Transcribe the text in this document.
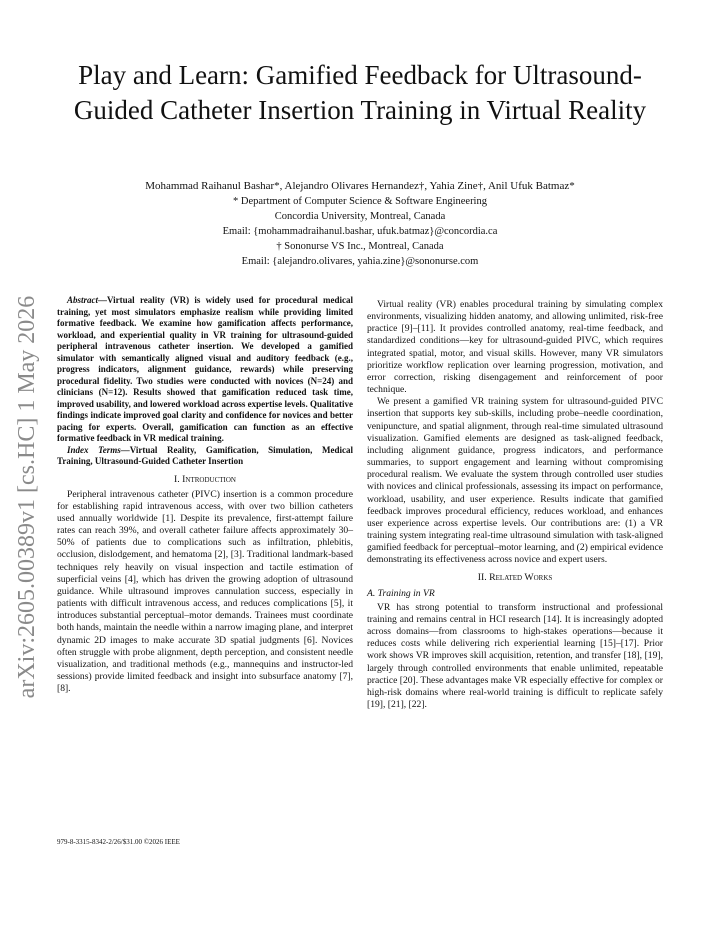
arXiv:2605.00389v1 [cs.HC] 1 May 2026
Play and Learn: Gamified Feedback for Ultrasound-Guided Catheter Insertion Training in Virtual Reality
Mohammad Raihanul Bashar*, Alejandro Olivares Hernandez†, Yahia Zine†, Anil Ufuk Batmaz*
* Department of Computer Science & Software Engineering
Concordia University, Montreal, Canada
Email: {mohammadraihanul.bashar, ufuk.batmaz}@concordia.ca
† Sononurse VS Inc., Montreal, Canada
Email: {alejandro.olivares, yahia.zine}@sononurse.com

Abstract—Virtual reality (VR) is widely used for procedural medical training, yet most simulators emphasize realism while providing limited formative feedback. We examine how gamification affects performance, workload, and experiential quality in VR training for ultrasound-guided peripheral intravenous catheter insertion. We developed a gamified simulator with semantically aligned visual and auditory feedback (e.g., progress indicators, alignment guidance, rewards) while preserving procedural fidelity. Two studies were conducted with novices (N=24) and clinicians (N=12). Results showed that gamification reduced task time, improved usability, and lowered workload across expertise levels. Qualitative findings indicate improved goal clarity and confidence for novices and better pacing for experts. Overall, gamification can function as an effective formative feedback in VR medical training.

Index Terms—Virtual Reality, Gamification, Simulation, Medical Training, Ultrasound-Guided Catheter Insertion

I. Introduction

Peripheral intravenous catheter (PIVC) insertion is a common procedure for establishing rapid intravenous access, with over two billion catheters used annually worldwide [1]. Despite its prevalence, first-attempt failure rates can reach 39%, and overall catheter failure affects approximately 30–50% of patients due to complications such as infiltration, phlebitis, occlusion, dislodgement, and hematoma [2], [3]. Traditional landmark-based techniques rely heavily on visual inspection and tactile estimation of superficial veins [4], which has driven the growing adoption of ultrasound guidance. While ultrasound improves cannulation success, especially in patients with difficult intravenous access, and reduces complications [5], it introduces substantial perceptual–motor demands. Trainees must coordinate both hands, maintain the needle within a narrow imaging plane, and interpret dynamic 2D images to make accurate 3D spatial judgments [6]. Novices often struggle with probe alignment, depth perception, and consistent needle visualization, and traditional methods (e.g., mannequins and instructor-led sessions) provide limited feedback and insight into subsurface anatomy [7], [8].

Virtual reality (VR) enables procedural training by simulating complex environments, visualizing hidden anatomy, and allowing unlimited, risk-free practice [9]–[11]. It provides controlled anatomy, real-time feedback, and standardized conditions—key for ultrasound-guided PIVC, which requires integrated spatial, motor, and visual skills. However, many VR simulators prioritize workflow replication over learning progression, motivation, and error correction, risking disengagement and reinforcement of poor technique.

We present a gamified VR training system for ultrasound-guided PIVC insertion that supports key sub-skills, including probe–needle coordination, venipuncture, and spatial alignment, through real-time simulated ultrasound visualization. Gamified elements are designed as task-aligned feedback, including alignment guidance, progress indicators, and performance summaries, to support engagement and learning without compromising procedural realism. We evaluate the system through controlled user studies with novices and clinical professionals, assessing its impact on performance, workload, usability, and user experience. Results indicate that gamified feedback improves procedural efficiency, reduces workload, and enhances user experience across expertise levels. Our contributions are: (1) a VR training system integrating real-time ultrasound simulation with task-aligned gamified feedback for perceptual–motor learning, and (2) empirical evidence demonstrating its effectiveness across novice and expert users.

II. Related Works
A. Training in VR

VR has strong potential to transform instructional and professional training and remains central in HCI research [14]. It is increasingly adopted across domains—from classrooms to high-stakes operations—because it reduces costs while delivering rich experiential learning [15]–[17]. Prior work shows VR improves skill acquisition, retention, and transfer [18], [19], largely through controlled environments that enable unlimited, repeatable practice [20]. These advantages make VR especially effective for complex or high-risk domains where real-world training is difficult to replicate safely [19], [21], [22].

979-8-3315-8342-2/26/$31.00 ©2026 IEEE
